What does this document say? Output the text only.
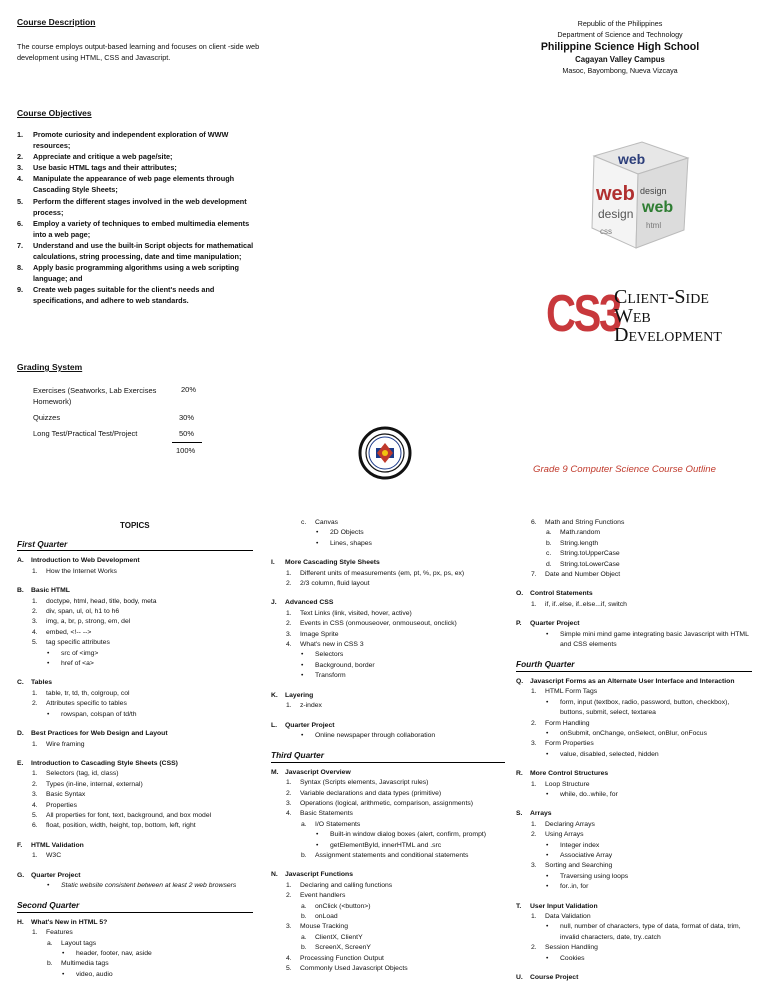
Course Description
The course employs output-based learning and focuses on client -side web development using HTML, CSS and Javascript.
Course Objectives
1. Promote curiosity and independent exploration of WWW resources;
2. Appreciate and critique a web page/site;
3. Use basic HTML tags and their attributes;
4. Manipulate the appearance of web page elements through Cascading Style Sheets;
5. Perform the different stages involved in the web development process;
6. Employ a variety of techniques to embed multimedia elements into a web page;
7. Understand and use the built-in Script objects for mathematical calculations, string processing, date and time manipulation;
8. Apply basic programming algorithms using a web scripting language; and
9. Create web pages suitable for the client's needs and specifications, and adhere to web standards.
Grading System
Exercises (Seatworks, Lab Exercises Homework)
20%
Quizzes	30%
Long Test/Practical Test/Project	50%
100%
Republic of the Philippines
Department of Science and Technology
Philippine Science High School
Cagayan Valley Campus
Masoc, Bayombong, Nueva Vizcaya
web
web
design web
design
html
css
CS3
Client-Side
Web
Development
Grade 9 Computer Science Course Outline
TOPICS
First Quarter
A. Introduction to Web Development
1. How the Internet Works
B. Basic HTML
1. doctype, html, head, title, body, meta
2. div, span, ul, ol, h1 to h6
3. img, a, br, p, strong, em, del
4. embed, <!-- -->
5. tag specific attributes
• src of <img>
• href of <a>
C. Tables
1. table, tr, td, th, colgroup, col
2. Attributes specific to tables
• rowspan, colspan of td/th
D. Best Practices for Web Design and Layout
1. Wire framing
E. Introduction to Cascading Style Sheets (CSS)
1. Selectors (tag, id, class)
2. Types (in-line, internal, external)
3. Basic Syntax
4. Properties
5. All properties for font, text, background, and box model
6. float, position, width, height, top, bottom, left, right
F. HTML Validation
1. W3C
G. Quarter Project
• Static website consistent between at least 2 web browsers
Second Quarter
H. What's New in HTML 5?
1. Features
a. Layout tags
• header, footer, nav, aside
b. Multimedia tags
• video, audio
c. Canvas
• 2D Objects
• Lines, shapes
I. More Cascading Style Sheets
1. Different units of measurements (em, pt, %, px, ps, ex)
2. 2/3 column, fluid layout
J. Advanced CSS
1. Text Links (link, visited, hover, active)
2. Events in CSS (onmouseover, onmouseout, onclick)
3. Image Sprite
4. What's new in CSS 3
• Selectors
• Background, border
• Transform
K. Layering
1. z-index
L. Quarter Project
• Online newspaper through collaboration
Third Quarter
M. Javascript Overview
1. Syntax (Scripts elements, Javascript rules)
2. Variable declarations and data types (primitive)
3. Operations (logical, arithmetic, comparison, assignments)
4. Basic Statements
a. I/O Statements
• Built-in window dialog boxes (alert, confirm, prompt)
• getElementById, innerHTML and .src
b. Assignment statements and conditional statements
N. Javascript Functions
1. Declaring and calling functions
2. Event handlers
a. onClick (<button>)
b. onLoad
3. Mouse Tracking
a. ClientX, ClientY
b. ScreenX, ScreenY
4. Processing Function Output
5. Commonly Used Javascript Objects
6. Math and String Functions
a. Math.random
b. String.length
c. String.toUpperCase
d. String.toLowerCase
7. Date and Number Object
O. Control Statements
1. if, if..else, if..else...if, switch
P. Quarter Project
• Simple mini mind game integrating basic Javascript with HTML and CSS elements
Fourth Quarter
Q. Javascript Forms as an Alternate User Interface and Interaction
1. HTML Form Tags
• form, input (textbox, radio, password, button, checkbox), buttons, submit, select, textarea
2. Form Handling
• onSubmit, onChange, onSelect, onBlur, onFocus
3. Form Properties
• value, disabled, selected, hidden
R. More Control Structures
1. Loop Structure
• while, do..while, for
S. Arrays
1. Declaring Arrays
2. Using Arrays
• Integer index
• Associative Array
3. Sorting and Searching
• Traversing using loops
• for..in, for
T. User Input Validation
1. Data Validation
• null, number of characters, type of data, format of data, trim, invalid characters, date, try..catch
2. Session Handling
• Cookies
U. Course Project
